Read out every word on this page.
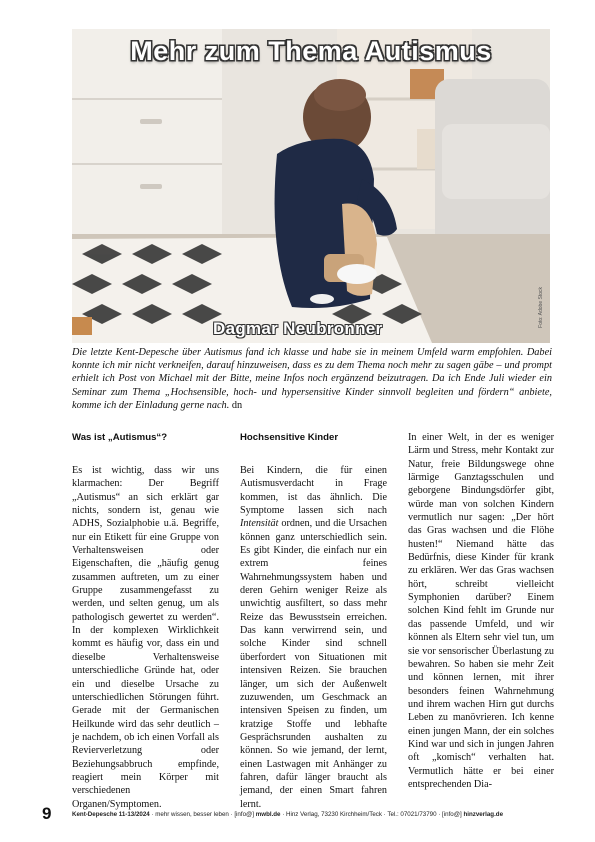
Mehr zum Thema Autismus
Dagmar Neubronner
Foto: Adobe Stock
Die letzte Kent-Depesche über Autismus fand ich klasse und habe sie in meinem Umfeld warm empfohlen. Dabei konnte ich mir nicht verkneifen, darauf hinzuweisen, dass es zu dem Thema noch mehr zu sagen gäbe – und prompt erhielt ich Post von Michael mit der Bitte, meine Infos noch ergänzend beizutragen. Da ich Ende Juli wieder ein Seminar zum Thema „Hochsensible, hoch- und hypersensitive Kinder sinnvoll begleiten und fördern“ anbiete, komme ich der Einladung gerne nach. dn
Was ist „Autismus“?

Es ist wichtig, dass wir uns klarmachen: Der Begriff „Autismus“ an sich erklärt gar nichts, sondern ist, genau wie ADHS, Sozialphobie u.ä. Begriffe, nur ein Etikett für eine Gruppe von Verhaltensweisen oder Eigenschaften, die „häufig genug zusammen auftreten, um zu einer Gruppe zusammengefasst zu werden, und selten genug, um als pathologisch gewertet zu werden“. In der komplexen Wirklichkeit kommt es häufig vor, dass ein und dieselbe Verhaltensweise unterschiedliche Gründe hat, oder ein und dieselbe Ursache zu unterschiedlichen Störungen führt. Gerade mit der Germanischen Heilkunde wird das sehr deutlich – je nachdem, ob ich einen Vorfall als Revierverletzung oder Beziehungsabbruch empfinde, reagiert mein Körper mit verschiedenen Organen/Symptomen.

Hochsensitive Kinder

Bei Kindern, die für einen Autismusverdacht in Frage kommen, ist das ähnlich. Die Symptome lassen sich nach Intensität ordnen, und die Ursachen können ganz unterschiedlich sein. Es gibt Kinder, die einfach nur ein extrem feines Wahrnehmungssystem haben und deren Gehirn weniger Reize als unwichtig ausfiltert, so dass mehr Reize das Bewusstsein erreichen. Das kann verwirrend sein, und solche Kinder sind schnell überfordert von Situationen mit intensiven Reizen. Sie brauchen länger, um sich der Außenwelt zuzuwenden, um Geschmack an intensiven Speisen zu finden, um kratzige Stoffe und lebhafte Gesprächsrunden aushalten zu können. So wie jemand, der lernt, einen Lastwagen mit Anhänger zu fahren, dafür länger braucht als jemand, der einen Smart fahren lernt.

In einer Welt, in der es weniger Lärm und Stress, mehr Kontakt zur Natur, freie Bildungswege ohne lärmige Ganztagsschulen und geborgene Bindungsdörfer gibt, würde man von solchen Kindern vermutlich nur sagen: „Der hört das Gras wachsen und die Flöhe husten!“ Niemand hätte das Bedürfnis, diese Kinder für krank zu erklären. Wer das Gras wachsen hört, schreibt vielleicht Symphonien darüber? Einem solchen Kind fehlt im Grunde nur das passende Umfeld, und wir können als Eltern sehr viel tun, um sie vor sensorischer Überlastung zu bewahren. So haben sie mehr Zeit und können lernen, mit ihrer besonders feinen Wahrnehmung und ihrem wachen Hirn gut durchs Leben zu manövrieren. Ich kenne einen jungen Mann, der ein solches Kind war und sich in jungen Jahren oft „komisch“ verhalten hat. Vermutlich hätte er bei einer entsprechenden Dia-

9	Kent-Depesche 11-13/2024 · mehr wissen, besser leben · [info@] mwbl.de · Hinz Verlag, 73230 Kirchheim/Teck · Tel.: 07021/73790 · [info@] hinzverlag.de
